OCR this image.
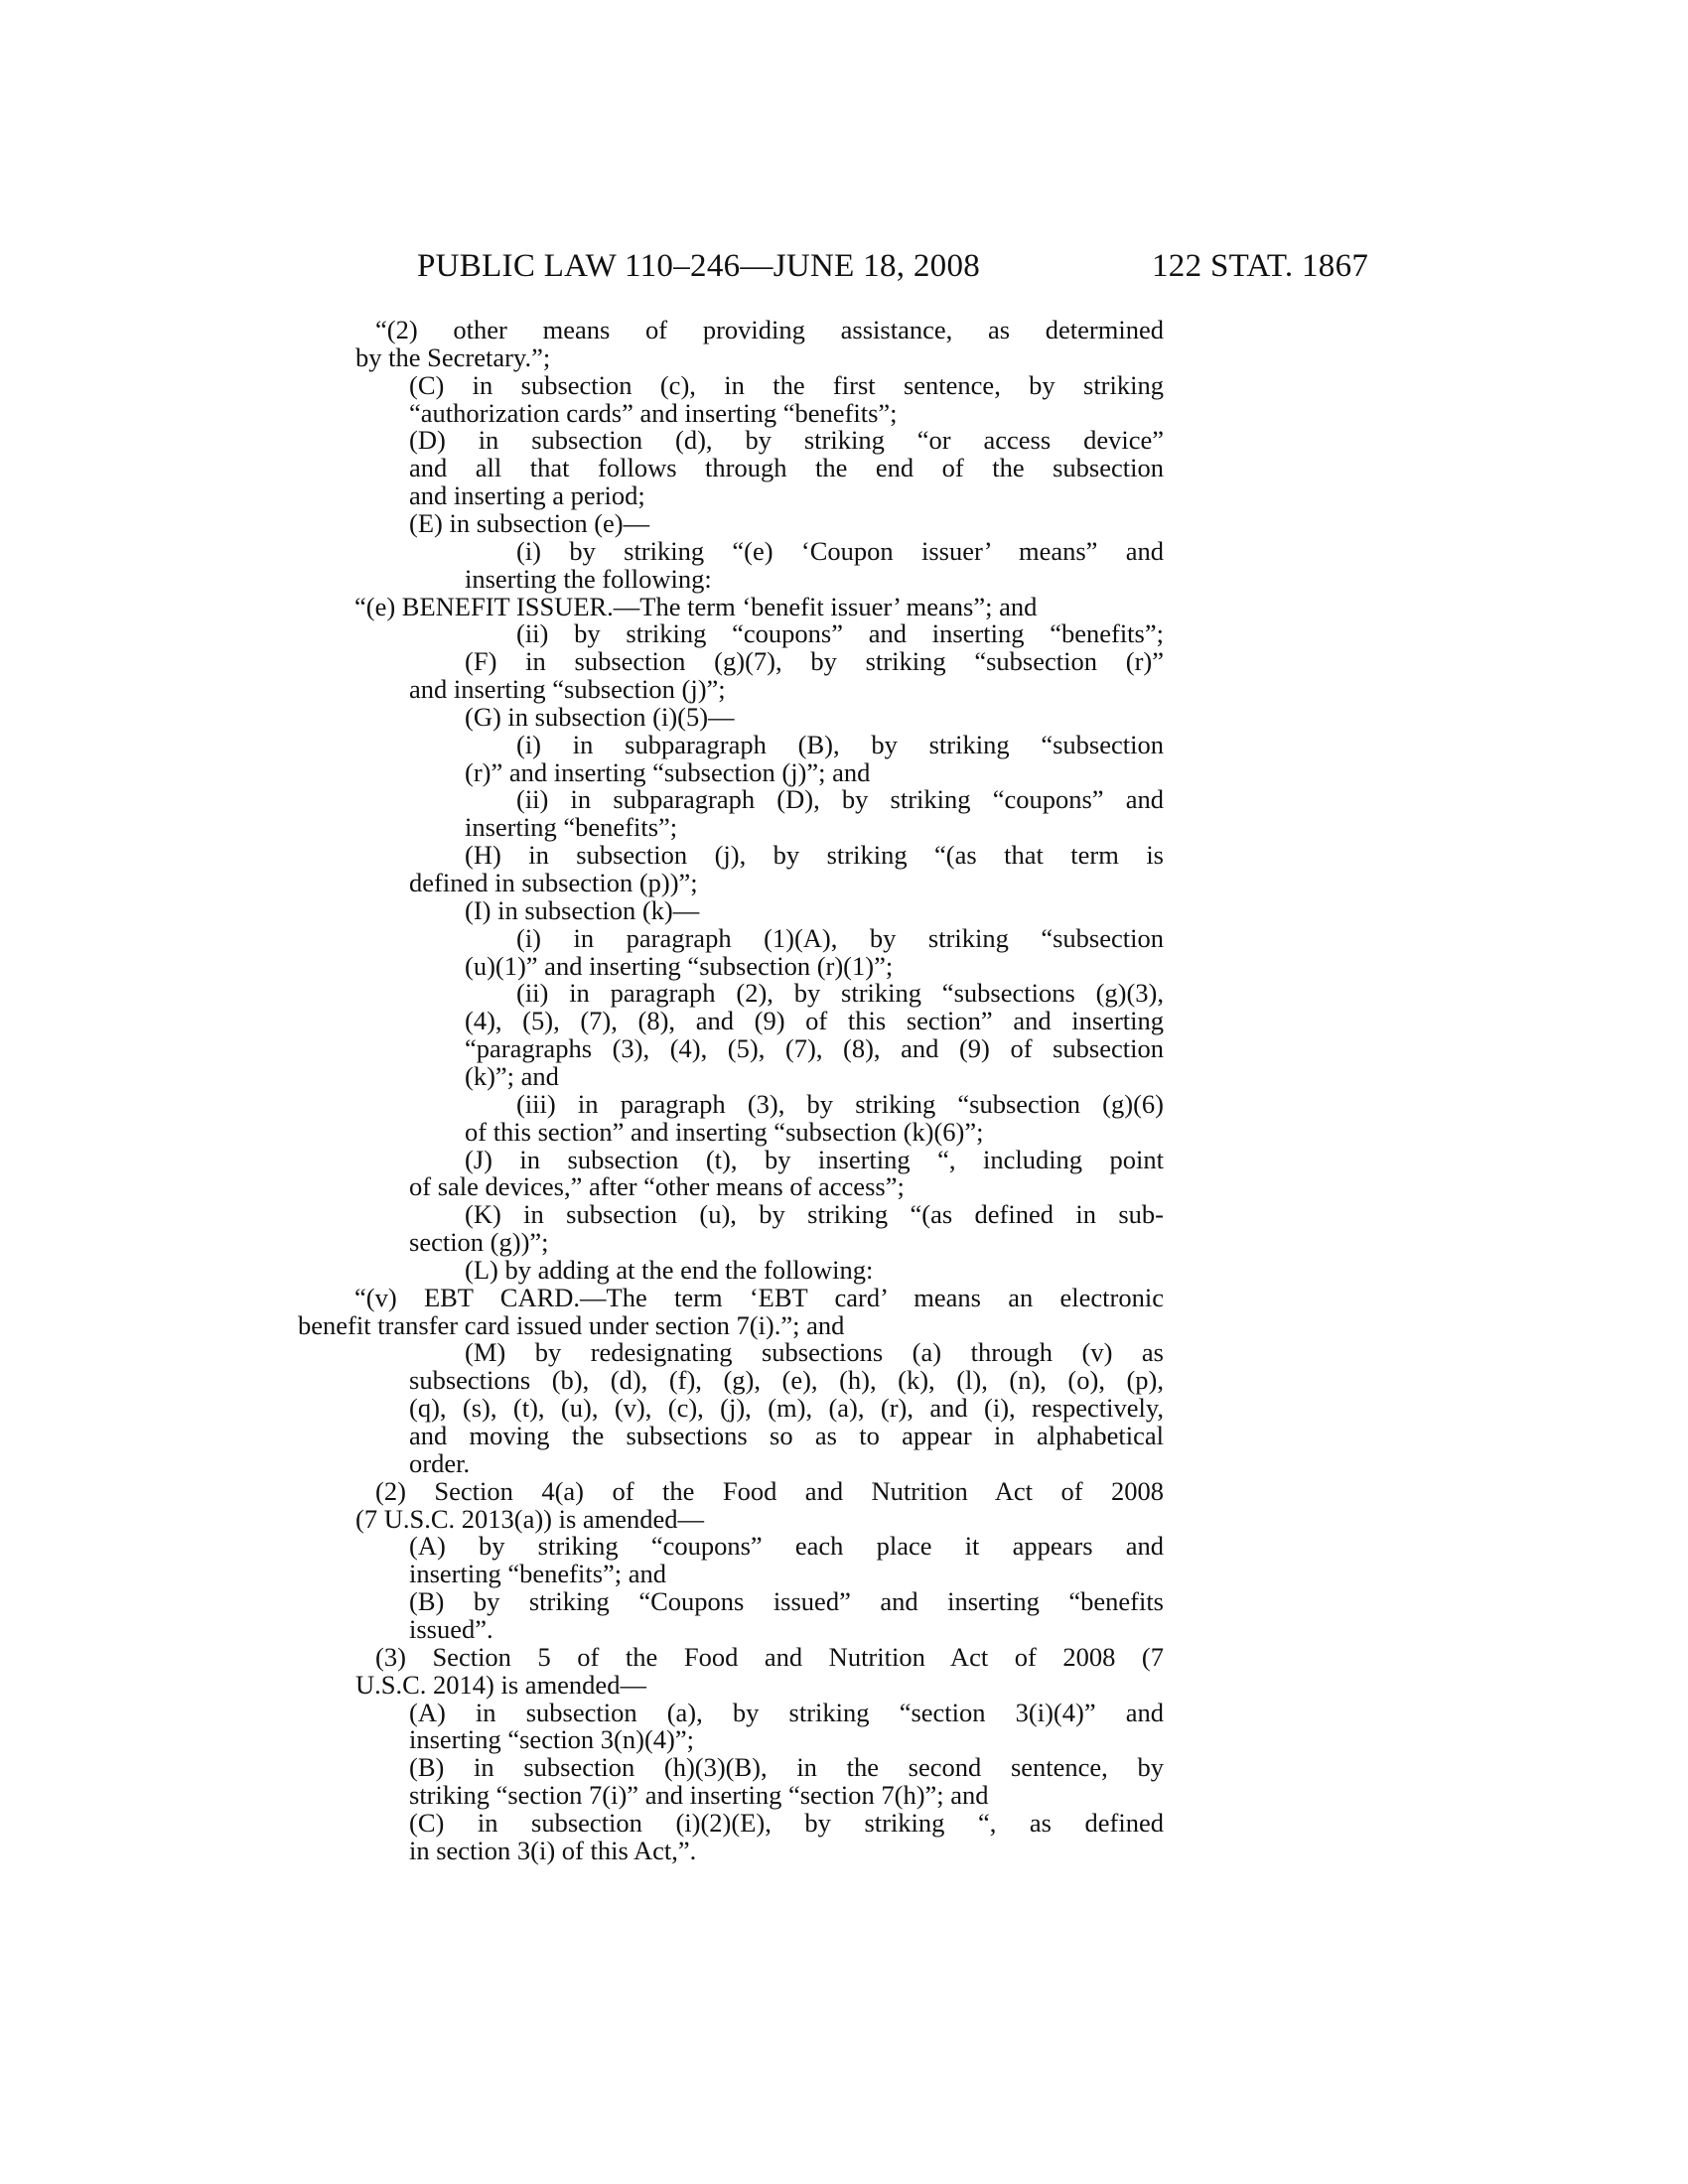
PUBLIC LAW 110–246—JUNE 18, 2008	122 STAT. 1867
“(2) other means of providing assistance, as determined
by the Secretary.”;
(C) in subsection (c), in the first sentence, by striking
“authorization cards” and inserting “benefits”;
(D) in subsection (d), by striking “or access device”
and all that follows through the end of the subsection
and inserting a period;
(E) in subsection (e)—
(i) by striking “(e) ‘Coupon issuer’ means” and
inserting the following:
“(e) BENEFIT ISSUER.—The term ‘benefit issuer’ means”; and
(ii) by striking “coupons” and inserting “benefits”;
(F) in subsection (g)(7), by striking “subsection (r)”
and inserting “subsection (j)”;
(G) in subsection (i)(5)—
(i) in subparagraph (B), by striking “subsection
(r)” and inserting “subsection (j)”; and
(ii) in subparagraph (D), by striking “coupons” and
inserting “benefits”;
(H) in subsection (j), by striking “(as that term is
defined in subsection (p))”;
(I) in subsection (k)—
(i) in paragraph (1)(A), by striking “subsection
(u)(1)” and inserting “subsection (r)(1)”;
(ii) in paragraph (2), by striking “subsections (g)(3),
(4), (5), (7), (8), and (9) of this section” and inserting
“paragraphs (3), (4), (5), (7), (8), and (9) of subsection
(k)”; and
(iii) in paragraph (3), by striking “subsection (g)(6)
of this section” and inserting “subsection (k)(6)”;
(J) in subsection (t), by inserting “, including point
of sale devices,” after “other means of access”;
(K) in subsection (u), by striking “(as defined in sub-
section (g))”;
(L) by adding at the end the following:
“(v) EBT CARD.—The term ‘EBT card’ means an electronic
benefit transfer card issued under section 7(i).”; and
(M) by redesignating subsections (a) through (v) as
subsections (b), (d), (f), (g), (e), (h), (k), (l), (n), (o), (p),
(q), (s), (t), (u), (v), (c), (j), (m), (a), (r), and (i), respectively,
and moving the subsections so as to appear in alphabetical
order.
(2) Section 4(a) of the Food and Nutrition Act of 2008
(7 U.S.C. 2013(a)) is amended—
(A) by striking “coupons” each place it appears and
inserting “benefits”; and
(B) by striking “Coupons issued” and inserting “benefits
issued”.
(3) Section 5 of the Food and Nutrition Act of 2008 (7
U.S.C. 2014) is amended—
(A) in subsection (a), by striking “section 3(i)(4)” and
inserting “section 3(n)(4)”;
(B) in subsection (h)(3)(B), in the second sentence, by
striking “section 7(i)” and inserting “section 7(h)”; and
(C) in subsection (i)(2)(E), by striking “, as defined
in section 3(i) of this Act,”.
